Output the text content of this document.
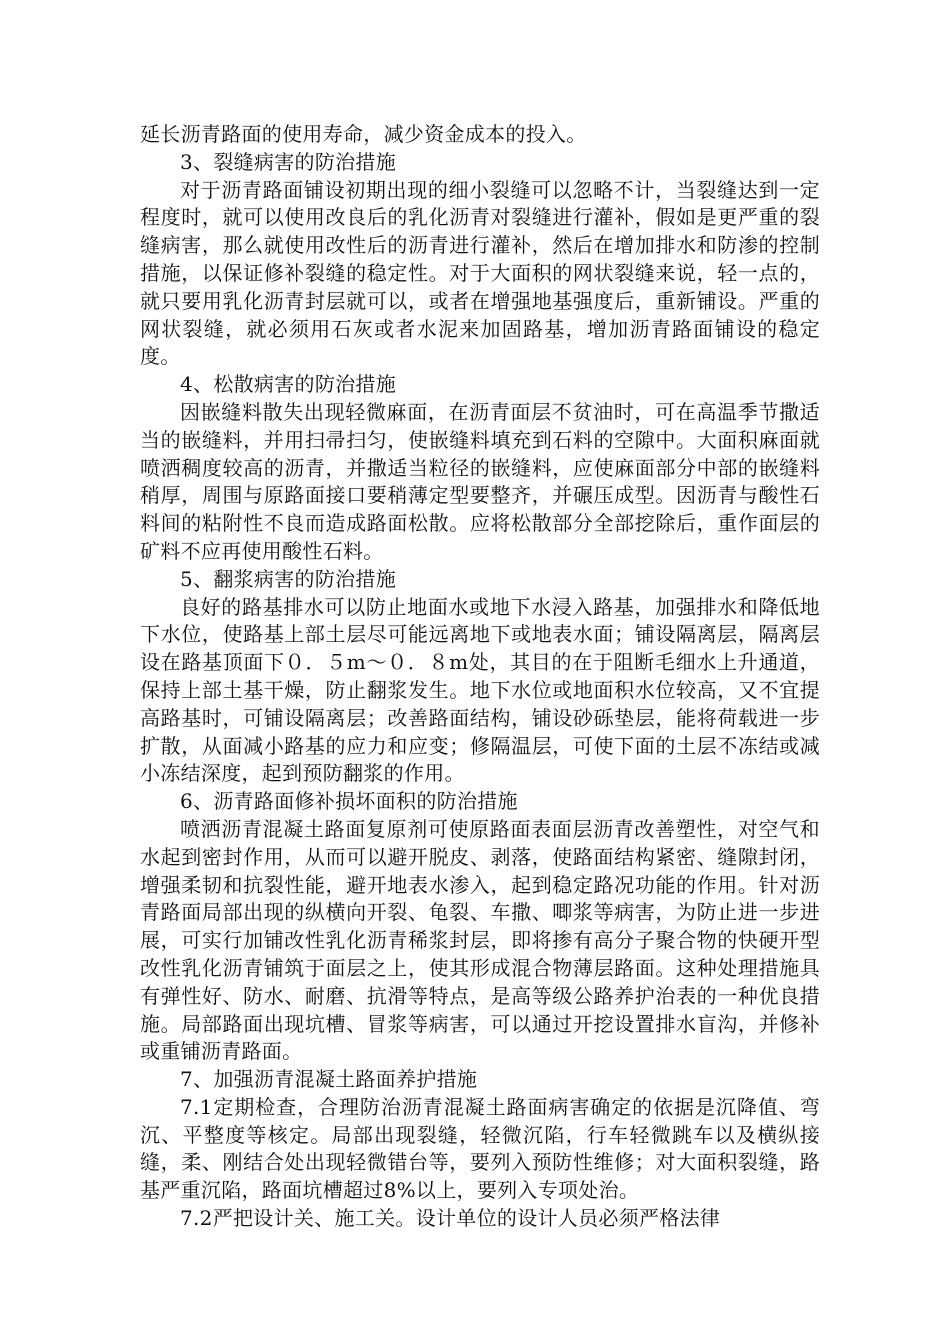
延长沥青路面的使用寿命，减少资金成本的投入。

3、裂缝病害的防治措施

对于沥青路面铺设初期出现的细小裂缝可以忽略不计，当裂缝达到一定程度时，就可以使用改良后的乳化沥青对裂缝进行灌补，假如是更严重的裂缝病害，那么就使用改性后的沥青进行灌补，然后在增加排水和防渗的控制措施，以保证修补裂缝的稳定性。对于大面积的网状裂缝来说，轻一点的，就只要用乳化沥青封层就可以，或者在增强地基强度后，重新铺设。严重的网状裂缝，就必须用石灰或者水泥来加固路基，增加沥青路面铺设的稳定度。

4、松散病害的防治措施

因嵌缝料散失出现轻微麻面，在沥青面层不贫油时，可在高温季节撒适当的嵌缝料，并用扫帚扫匀，使嵌缝料填充到石料的空隙中。大面积麻面就喷洒稠度较高的沥青，并撒适当粒径的嵌缝料，应使麻面部分中部的嵌缝料稍厚，周围与原路面接口要稍薄定型要整齐，并碾压成型。因沥青与酸性石料间的粘附性不良而造成路面松散。应将松散部分全部挖除后，重作面层的矿料不应再使用酸性石料。

5、翻浆病害的防治措施

良好的路基排水可以防止地面水或地下水浸入路基，加强排水和降低地下水位，使路基上部土层尽可能远离地下或地表水面；铺设隔离层，隔离层设在路基顶面下０．５m～０．８m处，其目的在于阻断毛细水上升通道，保持上部土基干燥，防止翻浆发生。地下水位或地面积水位较高，又不宜提高路基时，可铺设隔离层；改善路面结构，铺设砂砾垫层，能将荷载进一步扩散，从面减小路基的应力和应变；修隔温层，可使下面的土层不冻结或减小冻结深度，起到预防翻浆的作用。

6、沥青路面修补损坏面积的防治措施

喷洒沥青混凝土路面复原剂可使原路面表面层沥青改善塑性，对空气和水起到密封作用，从而可以避开脱皮、剥落，使路面结构紧密、缝隙封闭，增强柔韧和抗裂性能，避开地表水渗入，起到稳定路况功能的作用。针对沥青路面局部出现的纵横向开裂、龟裂、车撒、唧浆等病害，为防止进一步进展，可实行加铺改性乳化沥青稀浆封层，即将掺有高分子聚合物的快硬开型改性乳化沥青铺筑于面层之上，使其形成混合物薄层路面。这种处理措施具有弹性好、防水、耐磨、抗滑等特点，是高等级公路养护治表的一种优良措施。局部路面出现坑槽、冒浆等病害，可以通过开挖设置排水盲沟，并修补或重铺沥青路面。

7、加强沥青混凝土路面养护措施

7.1定期检查，合理防治沥青混凝土路面病害确定的依据是沉降值、弯沉、平整度等核定。局部出现裂缝，轻微沉陷，行车轻微跳车以及横纵接缝，柔、刚结合处出现轻微错台等，要列入预防性维修；对大面积裂缝，路基严重沉陷，路面坑槽超过8%以上，要列入专项处治。

7.2严把设计关、施工关。设计单位的设计人员必须严格法律
